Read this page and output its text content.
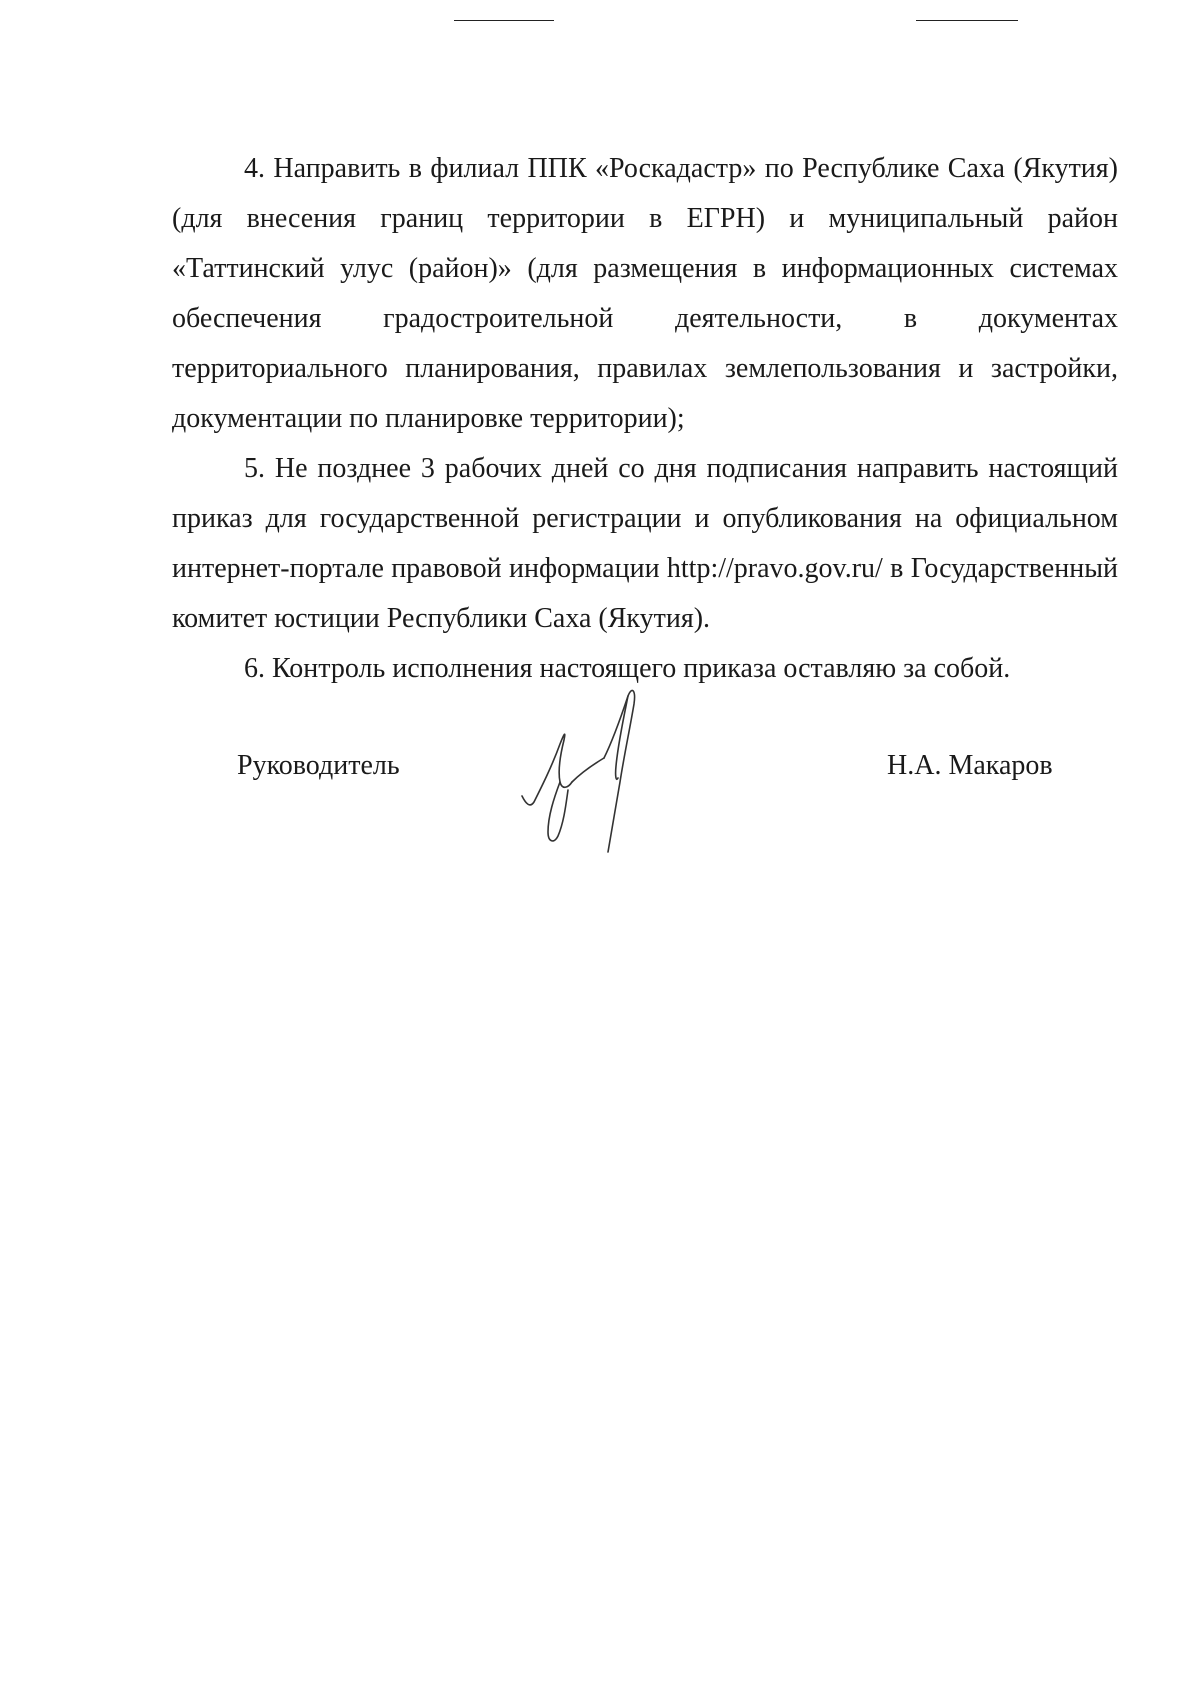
4. Направить в филиал ППК «Роскадастр» по Республике Саха (Якутия) (для внесения границ территории в ЕГРН) и муниципальный район «Таттинский улус (район)» (для размещения в информационных системах обеспечения градостроительной деятельности, в документах территориального планирования, правилах землепользования и застройки, документации по планировке территории);

5. Не позднее 3 рабочих дней со дня подписания направить настоящий приказ для государственной регистрации и опубликования на официальном интернет-портале правовой информации http://pravo.gov.ru/ в Государственный комитет юстиции Республики Саха (Якутия).

6. Контроль исполнения настоящего приказа оставляю за собой.

Руководитель	Н.А. Макаров
